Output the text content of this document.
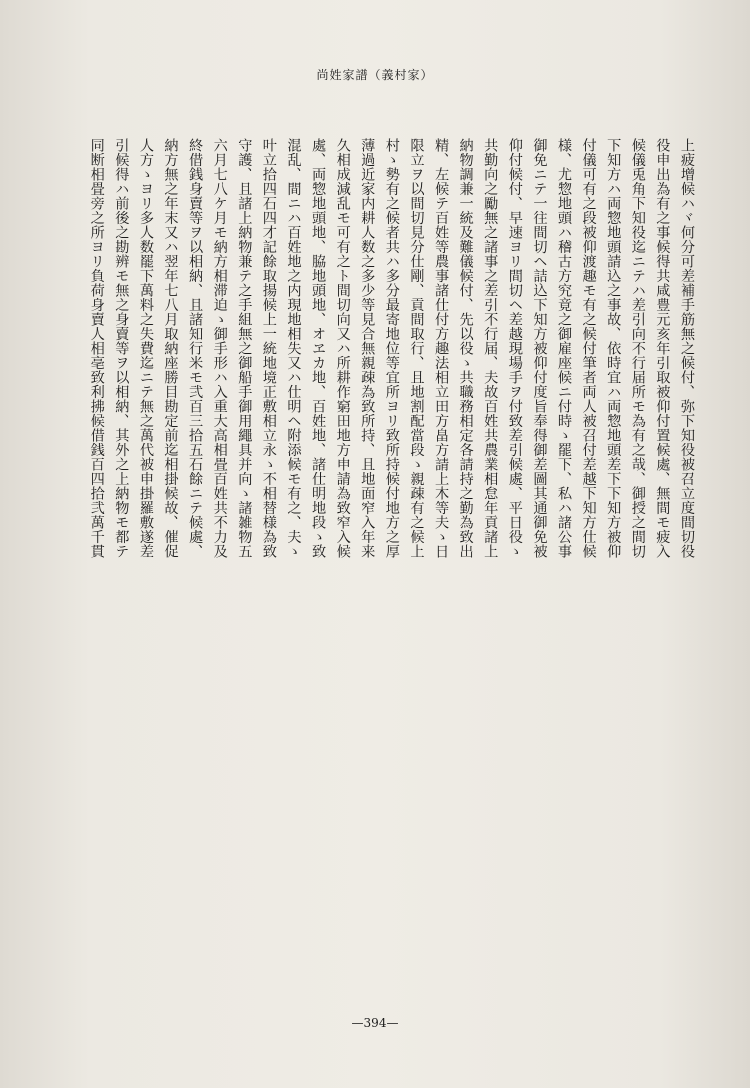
尚姓家譜（義村家）
上疲增候ハヾ何分可差補手筋無之候付、弥下知役被召立度間切役
役申出為有之事候得共咸豊元亥年引取被仰付置候處、無間モ疲入
候儀兎角下知役迄ニテハ差引向不行届所モ為有之哉、御授之間切
下知方ハ両惣地頭請込之事故、依時宜ハ両惣地頭差下下知方被仰
付儀可有之段被仰渡趣モ有之候付筆者両人被召付差越下知方仕候
様、尤惣地頭ハ稽古方究竟之御雇座候ニ付時ゝ罷下、私ハ諸公事
御免ニテ一往間切ヘ詰込下知方被仰付度旨奉得御差圖其通御免被
仰付候付、早速ヨリ間切ヘ差越現場手ヲ付致差引候處、平日役ゝ
共勤向之勵無之諸事之差引不行届、夫故百姓共農業相怠年貢諸上
納物調兼一統及難儀候付、先以役ゝ共職務相定各請持之勤為致出
精、左候テ百姓等農事諸仕付方趣法相立田方畠方請上木等夫ゝ日
限立ヲ以間切見分仕剛、貢間取行、且地割配當段ゝ親疎有之候上
村ゝ勢有之候者共ハ多分最寄地位等宜所ヨリ致所持候付地方之厚
薄過近家内耕人数之多少等見合無親疎為致所持、且地面窄入年来
久相成減乱モ可有之ト間切向又ハ所耕作窮田地方申請為致窄入候
處、両惣地頭地、脇地頭地、オヱカ地、百姓地、諸仕明地段ゝ致
混乱、間ニハ百姓地之内現地相失又ハ仕明ヘ附添候モ有之、夫ゝ
叶立拾四石四才記餘取揚候上一統地境正敷相立永ゝ不相替様為致
守護、且諸上納物兼テ之手組無之御船手御用繩具并向ゝ諸雑物五
六月七八ケ月モ納方相滞迫ゝ御手形ハ入重大高相畳百姓共不力及
終借銭身賣等ヲ以相納、且諸知行米モ弐百三拾五石餘ニテ候處、
納方無之年末又ハ翌年七八月取納座勝目勘定前迄相掛候故、催促
人方ゝヨリ多人数罷下萬料之失費迄ニテ無之萬代被申掛羅敷遂差
引候得ハ前後之勘辨モ無之身賣等ヲ以相納、其外之上納物モ都テ
同断相畳旁之所ヨリ負荷身賣人相亳致利拂候借銭百四拾弐萬千貫
—394—
